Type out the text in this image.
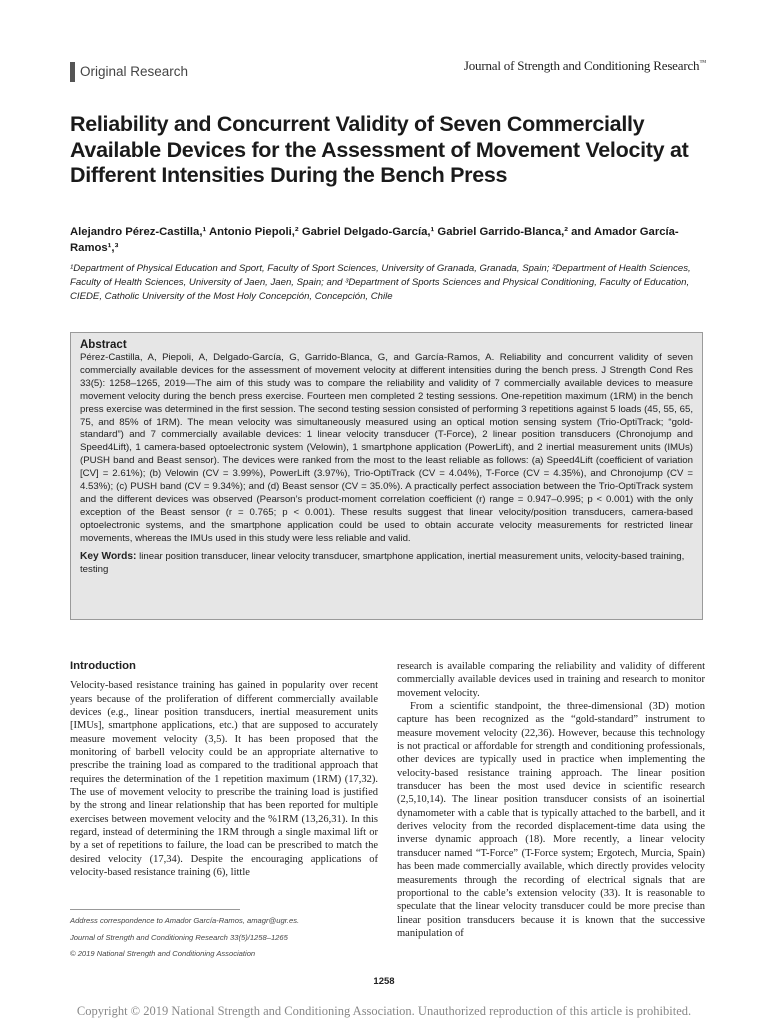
Original Research	Journal of Strength and Conditioning Research™
Reliability and Concurrent Validity of Seven Commercially Available Devices for the Assessment of Movement Velocity at Different Intensities During the Bench Press
Alejandro Pérez-Castilla,¹ Antonio Piepoli,² Gabriel Delgado-García,¹ Gabriel Garrido-Blanca,² and Amador García-Ramos¹,³
¹Department of Physical Education and Sport, Faculty of Sport Sciences, University of Granada, Granada, Spain; ²Department of Health Sciences, Faculty of Health Sciences, University of Jaen, Jaen, Spain; and ³Department of Sports Sciences and Physical Conditioning, Faculty of Education, CIEDE, Catholic University of the Most Holy Concepción, Concepción, Chile
Abstract
Pérez-Castilla, A, Piepoli, A, Delgado-García, G, Garrido-Blanca, G, and García-Ramos, A. Reliability and concurrent validity of seven commercially available devices for the assessment of movement velocity at different intensities during the bench press. J Strength Cond Res 33(5): 1258–1265, 2019—The aim of this study was to compare the reliability and validity of 7 commercially available devices to measure movement velocity during the bench press exercise. Fourteen men completed 2 testing sessions. One-repetition maximum (1RM) in the bench press exercise was determined in the first session. The second testing session consisted of performing 3 repetitions against 5 loads (45, 55, 65, 75, and 85% of 1RM). The mean velocity was simultaneously measured using an optical motion sensing system (Trio-OptiTrack; “gold-standard”) and 7 commercially available devices: 1 linear velocity transducer (T-Force), 2 linear position transducers (Chronojump and Speed4Lift), 1 camera-based optoelectronic system (Velowin), 1 smartphone application (PowerLift), and 2 inertial measurement units (IMUs) (PUSH band and Beast sensor). The devices were ranked from the most to the least reliable as follows: (a) Speed4Lift (coefficient of variation [CV] = 2.61%); (b) Velowin (CV = 3.99%), PowerLift (3.97%), Trio-OptiTrack (CV = 4.04%), T-Force (CV = 4.35%), and Chronojump (CV = 4.53%); (c) PUSH band (CV = 9.34%); and (d) Beast sensor (CV = 35.0%). A practically perfect association between the Trio-OptiTrack system and the different devices was observed (Pearson’s product-moment correlation coefficient (r) range = 0.947–0.995; p < 0.001) with the only exception of the Beast sensor (r = 0.765; p < 0.001). These results suggest that linear velocity/position transducers, camera-based optoelectronic systems, and the smartphone application could be used to obtain accurate velocity measurements for restricted linear movements, whereas the IMUs used in this study were less reliable and valid.
Key Words: linear position transducer, linear velocity transducer, smartphone application, inertial measurement units, velocity-based training, testing
Introduction

Velocity-based resistance training has gained in popularity over recent years because of the proliferation of different commercially available devices (e.g., linear position transducers, inertial measurement units [IMUs], smartphone applications, etc.) that are supposed to accurately measure movement velocity (3,5). It has been proposed that the monitoring of barbell velocity could be an appropriate alternative to prescribe the training load as compared to the traditional approach that requires the determination of the 1 repetition maximum (1RM) (17,32). The use of movement velocity to prescribe the training load is justified by the strong and linear relationship that has been reported for multiple exercises between movement velocity and the %1RM (13,26,31). In this regard, instead of determining the 1RM through a single maximal lift or by a set of repetitions to failure, the load can be prescribed to match the desired velocity (17,34). Despite the encouraging applications of velocity-based resistance training (6), little

research is available comparing the reliability and validity of different commercially available devices used in training and research to monitor movement velocity.

From a scientific standpoint, the three-dimensional (3D) motion capture has been recognized as the “gold-standard” instrument to measure movement velocity (22,36). However, because this technology is not practical or affordable for strength and conditioning professionals, other devices are typically used in practice when implementing the velocity-based resistance training approach. The linear position transducer has been the most used device in scientific research (2,5,10,14). The linear position transducer consists of an isoinertial dynamometer with a cable that is typically attached to the barbell, and it derives velocity from the recorded displacement-time data using the inverse dynamic approach (18). More recently, a linear velocity transducer named “T-Force” (T-Force system; Ergotech, Murcia, Spain) has been made commercially available, which directly provides velocity measurements through the recording of electrical signals that are proportional to the cable’s extension velocity (33). It is reasonable to speculate that the linear velocity transducer could be more precise than linear position transducers because it is known that the successive manipulation of

Address correspondence to Amador García-Ramos, amagr@ugr.es.
Journal of Strength and Conditioning Research 33(5)/1258–1265
© 2019 National Strength and Conditioning Association
1258
Copyright © 2019 National Strength and Conditioning Association. Unauthorized reproduction of this article is prohibited.
